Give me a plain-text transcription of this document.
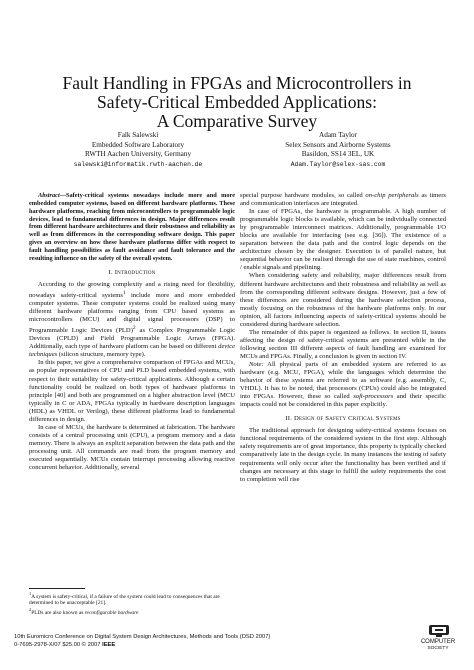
Fault Handling in FPGAs and Microcontrollers in
Safety-Critical Embedded Applications:
A Comparative Survey
Falk Salewski
Embedded Software Laboratory
RWTH Aachen University, Germany
salewski@informatik.rwth-aachen.de
Adam Taylor
Selex Sensors and Airborne Systems
Basildon, SS14 3EL, UK
Adam.Taylor@selex-sas.com

Abstract—Safety-critical systems nowadays include more and more embedded computer systems, based on different hardware platforms. These hardware platforms, reaching from microcontrollers to programmable logic devices, lead to fundamental differences in design. Major differences result from different hardware architectures and their robustness and reliability as well as from differences in the corresponding software design. This paper gives an overview on how these hardware platforms differ with respect to fault handling possibilities as fault avoidance and fault tolerance and the resulting influence on the safety of the overall system.

I. Introduction

According to the growing complexity and a rising need for flexibility, nowadays safety-critical systems$^1$ include more and more embedded computer systems. These computer systems could be realized using many different hardware platforms ranging from CPU based systems as microcontrollers (MCU) and digital signal processors (DSP) to Programmable Logic Devices (PLD)$^2$ as Complex Programmable Logic Devices (CPLD) and Field Programmable Logic Arrays (FPGA). Additionally, each type of hardware platform can be based on different device techniques (silicon structure, memory type).

In this paper, we give a comprehensive comparison of FPGAs and MCUs, as popular representatives of CPU and PLD based embedded systems, with respect to their suitability for safety-critical applications. Although a certain functionality could be realized on both types of hardware platforms in principle [40] and both are programmed on a higher abstraction level (MCU typically in C or ADA, FPGAs typically in hardware description languages (HDL) as VHDL or Verilog), these different platforms lead to fundamental differences in design.

In case of MCUs, the hardware is determined at fabrication. The hardware consists of a central processing unit (CPU), a program memory and a data memory. There is always an explicit separation between the data path and the processing unit. All commands are read from the program memory and executed sequentially. MCUs contain interrupt processing allowing reactive concurrent behavior. Additionally, several

$^1$A system is safety-critical, if a failure of the system could lead to consequences that are determined to be unacceptable [21].

$^2$PLDs are also known as reconfigurable hardware

special purpose hardware modules, so called on-chip peripherals as timers and communication interfaces are integrated.

In case of FPGAs, the hardware is programmable. A high number of programmable logic blocks is available, which can be individually connected by programmable interconnect matrices. Additionally, programmable I/O blocks are available for interfacing (see e.g. [36]). The existence of a separation between the data path and the control logic depends on the architecture chosen by the designer. Execution is of parallel nature, but sequential behavior can be realised through the use of state machines, control / enable signals and pipelining.

When considering safety and reliability, major differences result from different hardware architectures and their robustness and reliability as well as from the corresponding different software designs. However, just a few of these differences are considered during the hardware selection process, mostly focusing on the robustness of the hardware platforms only. In our opinion, all factors influencing aspects of safety-critical systems should be considered during hardware selection.

The remainder of this paper is organized as follows. In section II, issues affecting the design of safety-critical systems are presented while in the following section III different aspects of fault handling are examined for MCUs and FPGAs. Finally, a conclusion is given in section IV.

Note: All physical parts of an embedded system are referred to as hardware (e.g. MCU, FPGA), while the languages which determine the behavior of these systems are referred to as software (e.g. assembly, C, VHDL). It has to be noted, that processors (CPUs) could also be integrated into FPGAs. However, these so called soft-processors and their specific impacts could not be considered in this paper explicitly.

II. Design of Safety Critical Systems

The traditional approach for designing safety-critical systems focuses on functional requirements of the considered system in the first step. Although safety requirements are of great importance, this property is typically checked comparatively late in the design cycle. In many instances the testing of safety requirements will only occur after the functionality has been verified and if changes are necessary at this stage to fulfill the safety requirements the cost to completion will rise

10th Euromicro Conference on Digital System Design Architectures, Methods and Tools (DSD 2007)
0-7695-2978-X/07 $25.00 © 2007 IEEE	COMPUTER
SOCIETY
